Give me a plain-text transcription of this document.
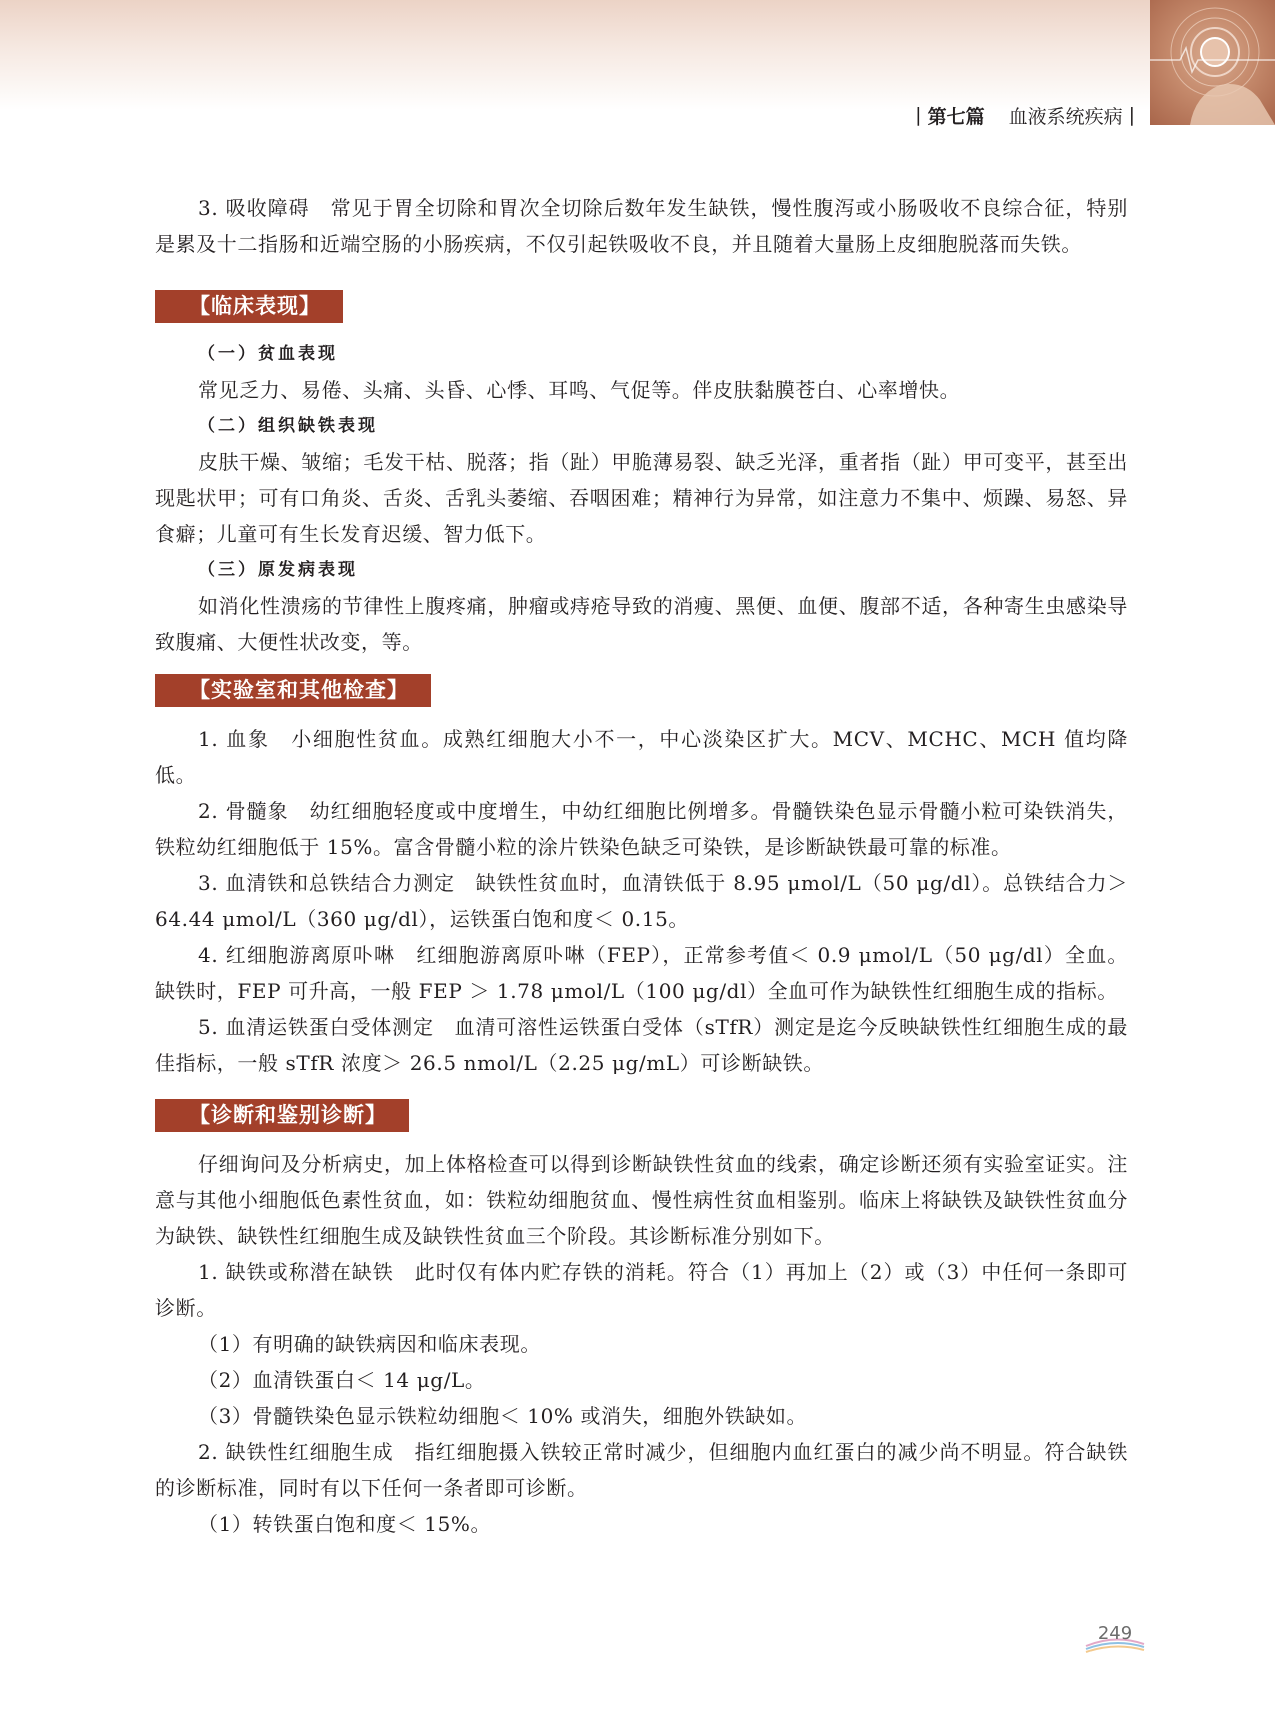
| 第七篇 血液系统疾病 |

3. 吸收障碍　常见于胃全切除和胃次全切除后数年发生缺铁，慢性腹泻或小肠吸收不良综合征，特别是累及十二指肠和近端空肠的小肠疾病，不仅引起铁吸收不良，并且随着大量肠上皮细胞脱落而失铁。

【临床表现】
（一）贫血表现

常见乏力、易倦、头痛、头昏、心悸、耳鸣、气促等。伴皮肤黏膜苍白、心率增快。

（二）组织缺铁表现

皮肤干燥、皱缩；毛发干枯、脱落；指（趾）甲脆薄易裂、缺乏光泽，重者指（趾）甲可变平，甚至出现匙状甲；可有口角炎、舌炎、舌乳头萎缩、吞咽困难；精神行为异常，如注意力不集中、烦躁、易怒、异食癖；儿童可有生长发育迟缓、智力低下。

（三）原发病表现

如消化性溃疡的节律性上腹疼痛，肿瘤或痔疮导致的消瘦、黑便、血便、腹部不适，各种寄生虫感染导致腹痛、大便性状改变，等。

【实验室和其他检查】

1. 血象　小细胞性贫血。成熟红细胞大小不一，中心淡染区扩大。MCV、MCHC、MCH 值均降低。

2. 骨髓象　幼红细胞轻度或中度增生，中幼红细胞比例增多。骨髓铁染色显示骨髓小粒可染铁消失，铁粒幼红细胞低于 15%。富含骨髓小粒的涂片铁染色缺乏可染铁，是诊断缺铁最可靠的标准。

3. 血清铁和总铁结合力测定　缺铁性贫血时，血清铁低于 8.95 μmol/L（50 μg/dl）。总铁结合力＞ 64.44 μmol/L（360 μg/dl），运铁蛋白饱和度＜ 0.15。

4. 红细胞游离原卟啉　红细胞游离原卟啉（FEP），正常参考值＜ 0.9 μmol/L（50 μg/dl）全血。缺铁时，FEP 可升高，一般 FEP ＞ 1.78 μmol/L（100 μg/dl）全血可作为缺铁性红细胞生成的指标。

5. 血清运铁蛋白受体测定　血清可溶性运铁蛋白受体（sTfR）测定是迄今反映缺铁性红细胞生成的最佳指标，一般 sTfR 浓度＞ 26.5 nmol/L（2.25 μg/mL）可诊断缺铁。

【诊断和鉴别诊断】

仔细询问及分析病史，加上体格检查可以得到诊断缺铁性贫血的线索，确定诊断还须有实验室证实。注意与其他小细胞低色素性贫血，如：铁粒幼细胞贫血、慢性病性贫血相鉴别。临床上将缺铁及缺铁性贫血分为缺铁、缺铁性红细胞生成及缺铁性贫血三个阶段。其诊断标准分别如下。

1. 缺铁或称潜在缺铁　此时仅有体内贮存铁的消耗。符合（1）再加上（2）或（3）中任何一条即可诊断。

（1）有明确的缺铁病因和临床表现。

（2）血清铁蛋白＜ 14 μg/L。

（3）骨髓铁染色显示铁粒幼细胞＜ 10% 或消失，细胞外铁缺如。

2. 缺铁性红细胞生成　指红细胞摄入铁较正常时减少，但细胞内血红蛋白的减少尚不明显。符合缺铁的诊断标准，同时有以下任何一条者即可诊断。

（1）转铁蛋白饱和度＜ 15%。

249
